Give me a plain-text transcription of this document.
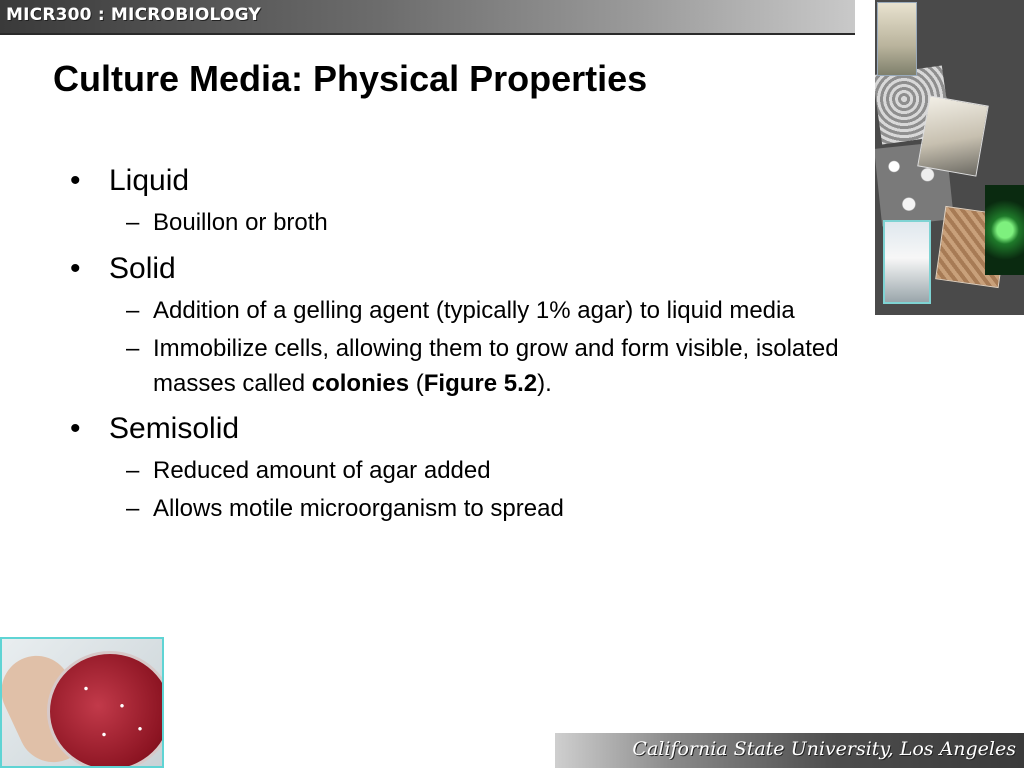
MICR300 : MICROBIOLOGY
Culture Media: Physical Properties

• Liquid

– Bouillon or broth

• Solid

– Addition of a gelling agent (typically 1% agar) to liquid media

– Immobilize cells, allowing them to grow and form visible, isolated masses called colonies (Figure 5.2).

• Semisolid

– Reduced amount of agar added

– Allows motile microorganism to spread

California State University, Los Angeles
